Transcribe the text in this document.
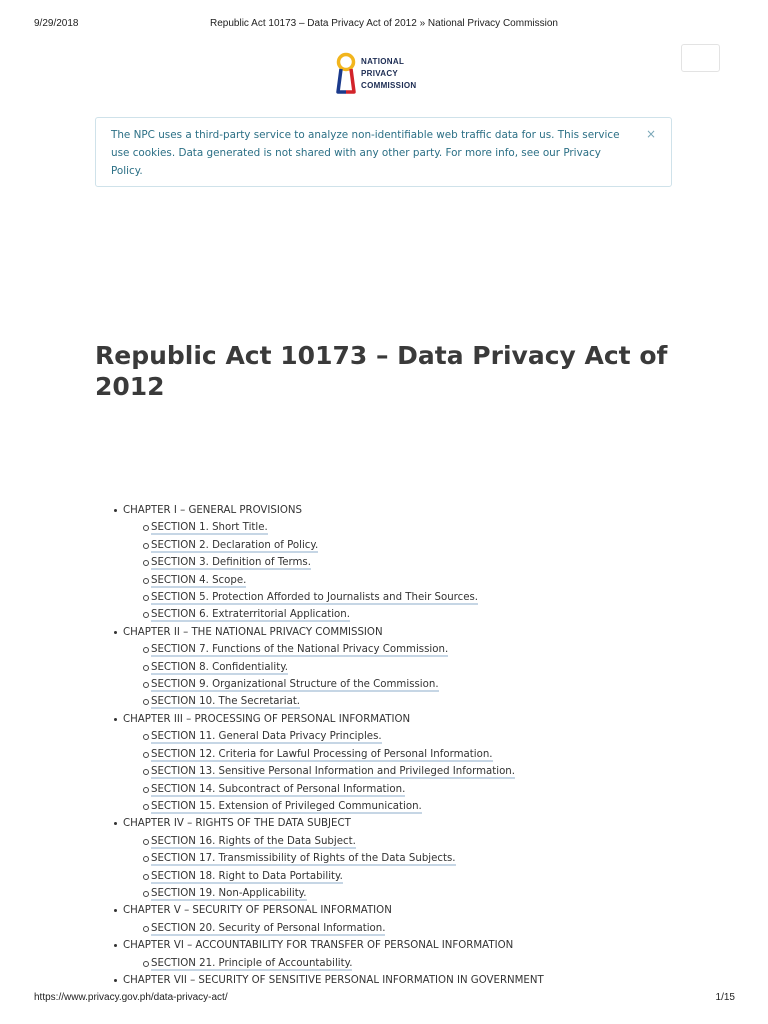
9/29/2018	Republic Act 10173 – Data Privacy Act of 2012 » National Privacy Commission
NATIONAL
PRIVACY
COMMISSION

The NPC uses a third-party service to analyze non-identifiable web traffic data for us. This service use cookies. Data generated is not shared with any other party. For more info, see our Privacy Policy.

×
Republic Act 10173 – Data Privacy Act of 2012
CHAPTER I – GENERAL PROVISIONS
SECTION 1. Short Title.
SECTION 2. Declaration of Policy.
SECTION 3. Definition of Terms.
SECTION 4. Scope.
SECTION 5. Protection Afforded to Journalists and Their Sources.
SECTION 6. Extraterritorial Application.
CHAPTER II – THE NATIONAL PRIVACY COMMISSION
SECTION 7. Functions of the National Privacy Commission.
SECTION 8. Confidentiality.
SECTION 9. Organizational Structure of the Commission.
SECTION 10. The Secretariat.
CHAPTER III – PROCESSING OF PERSONAL INFORMATION
SECTION 11. General Data Privacy Principles.
SECTION 12. Criteria for Lawful Processing of Personal Information.
SECTION 13. Sensitive Personal Information and Privileged Information.
SECTION 14. Subcontract of Personal Information.
SECTION 15. Extension of Privileged Communication.
CHAPTER IV – RIGHTS OF THE DATA SUBJECT
SECTION 16. Rights of the Data Subject.
SECTION 17. Transmissibility of Rights of the Data Subjects.
SECTION 18. Right to Data Portability.
SECTION 19. Non-Applicability.
CHAPTER V – SECURITY OF PERSONAL INFORMATION
SECTION 20. Security of Personal Information.
CHAPTER VI – ACCOUNTABILITY FOR TRANSFER OF PERSONAL INFORMATION
SECTION 21. Principle of Accountability.
CHAPTER VII – SECURITY OF SENSITIVE PERSONAL INFORMATION IN GOVERNMENT
https://www.privacy.gov.ph/data-privacy-act/	1/15
